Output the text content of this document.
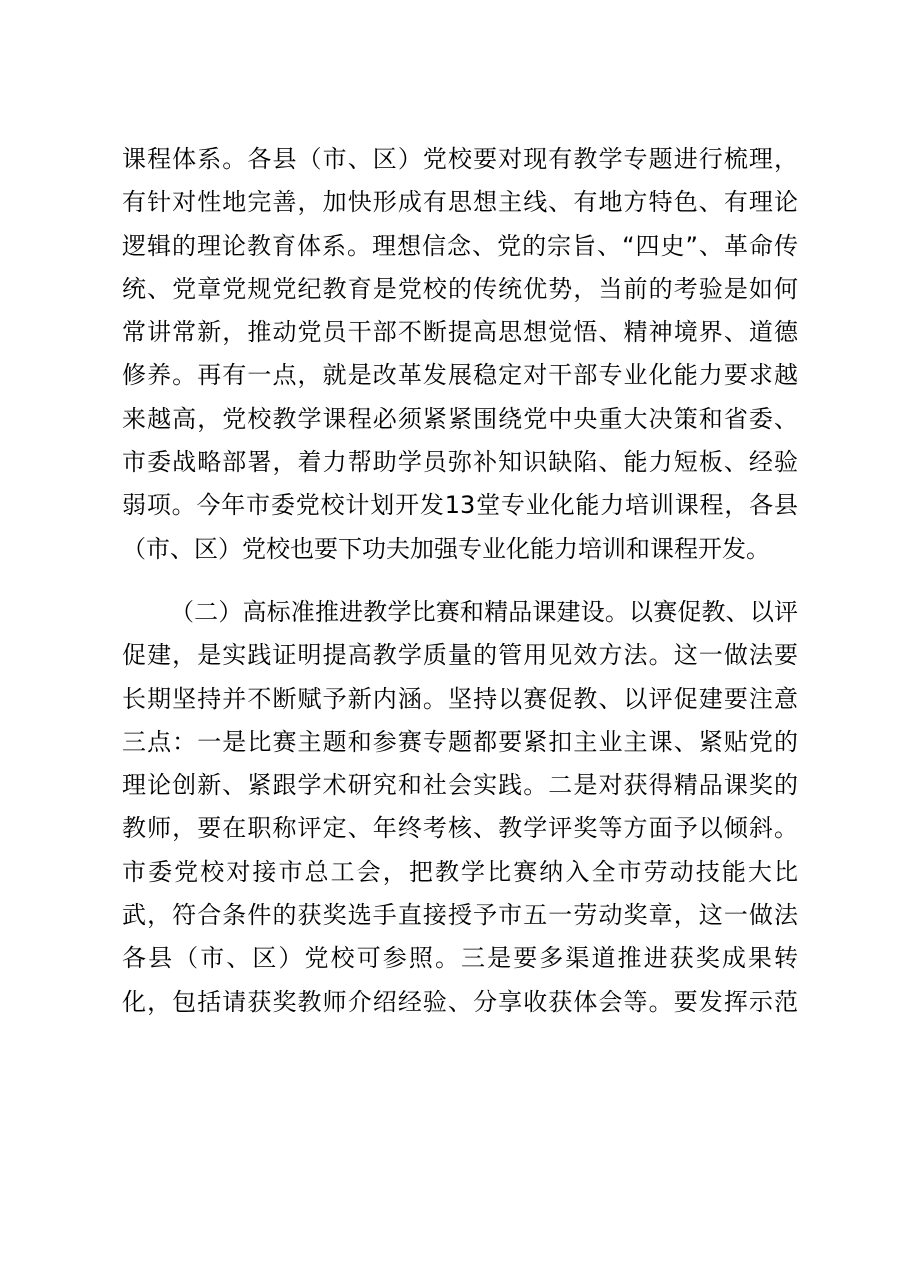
课程体系。各县（市、区）党校要对现有教学专题进行梳理，
有针对性地完善，加快形成有思想主线、有地方特色、有理论
逻辑的理论教育体系。理想信念、党的宗旨、“四史”、革命传
统、党章党规党纪教育是党校的传统优势，当前的考验是如何
常讲常新，推动党员干部不断提高思想觉悟、精神境界、道德
修养。再有一点，就是改革发展稳定对干部专业化能力要求越
来越高，党校教学课程必须紧紧围绕党中央重大决策和省委、
市委战略部署，着力帮助学员弥补知识缺陷、能力短板、经验
弱项。今年市委党校计划开发13堂专业化能力培训课程，各县
（市、区）党校也要下功夫加强专业化能力培训和课程开发。

（二）高标准推进教学比赛和精品课建设。以赛促教、以评
促建，是实践证明提高教学质量的管用见效方法。这一做法要
长期坚持并不断赋予新内涵。坚持以赛促教、以评促建要注意
三点：一是比赛主题和参赛专题都要紧扣主业主课、紧贴党的
理论创新、紧跟学术研究和社会实践。二是对获得精品课奖的
教师，要在职称评定、年终考核、教学评奖等方面予以倾斜。
市委党校对接市总工会，把教学比赛纳入全市劳动技能大比
武，符合条件的获奖选手直接授予市五一劳动奖章，这一做法
各县（市、区）党校可参照。三是要多渠道推进获奖成果转
化，包括请获奖教师介绍经验、分享收获体会等。要发挥示范
